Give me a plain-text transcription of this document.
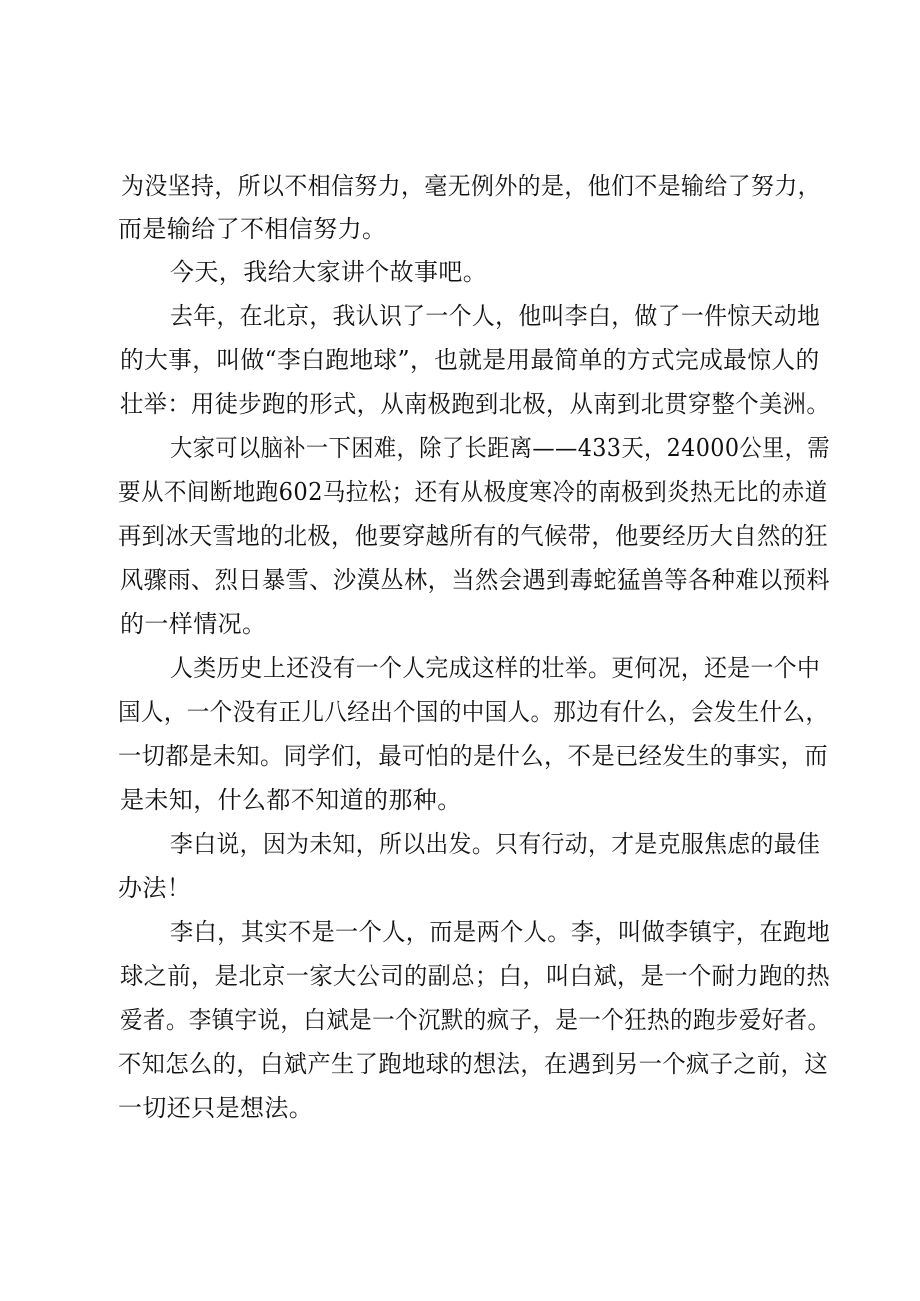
为没坚持，所以不相信努力，毫无例外的是，他们不是输给了努力，
而是输给了不相信努力。
今天，我给大家讲个故事吧。
去年，在北京，我认识了一个人，他叫李白，做了一件惊天动地
的大事，叫做“李白跑地球”，也就是用最简单的方式完成最惊人的
壮举：用徒步跑的形式，从南极跑到北极，从南到北贯穿整个美洲。
大家可以脑补一下困难，除了长距离——433天，24000公里，需
要从不间断地跑602马拉松；还有从极度寒冷的南极到炎热无比的赤道
再到冰天雪地的北极，他要穿越所有的气候带，他要经历大自然的狂
风骤雨、烈日暴雪、沙漠丛林，当然会遇到毒蛇猛兽等各种难以预料
的一样情况。
人类历史上还没有一个人完成这样的壮举。更何况，还是一个中
国人，一个没有正儿八经出个国的中国人。那边有什么，会发生什么，
一切都是未知。同学们，最可怕的是什么，不是已经发生的事实，而
是未知，什么都不知道的那种。
李白说，因为未知，所以出发。只有行动，才是克服焦虑的最佳
办法！
李白，其实不是一个人，而是两个人。李，叫做李镇宇，在跑地
球之前，是北京一家大公司的副总；白，叫白斌，是一个耐力跑的热
爱者。李镇宇说，白斌是一个沉默的疯子，是一个狂热的跑步爱好者。
不知怎么的，白斌产生了跑地球的想法，在遇到另一个疯子之前，这
一切还只是想法。
